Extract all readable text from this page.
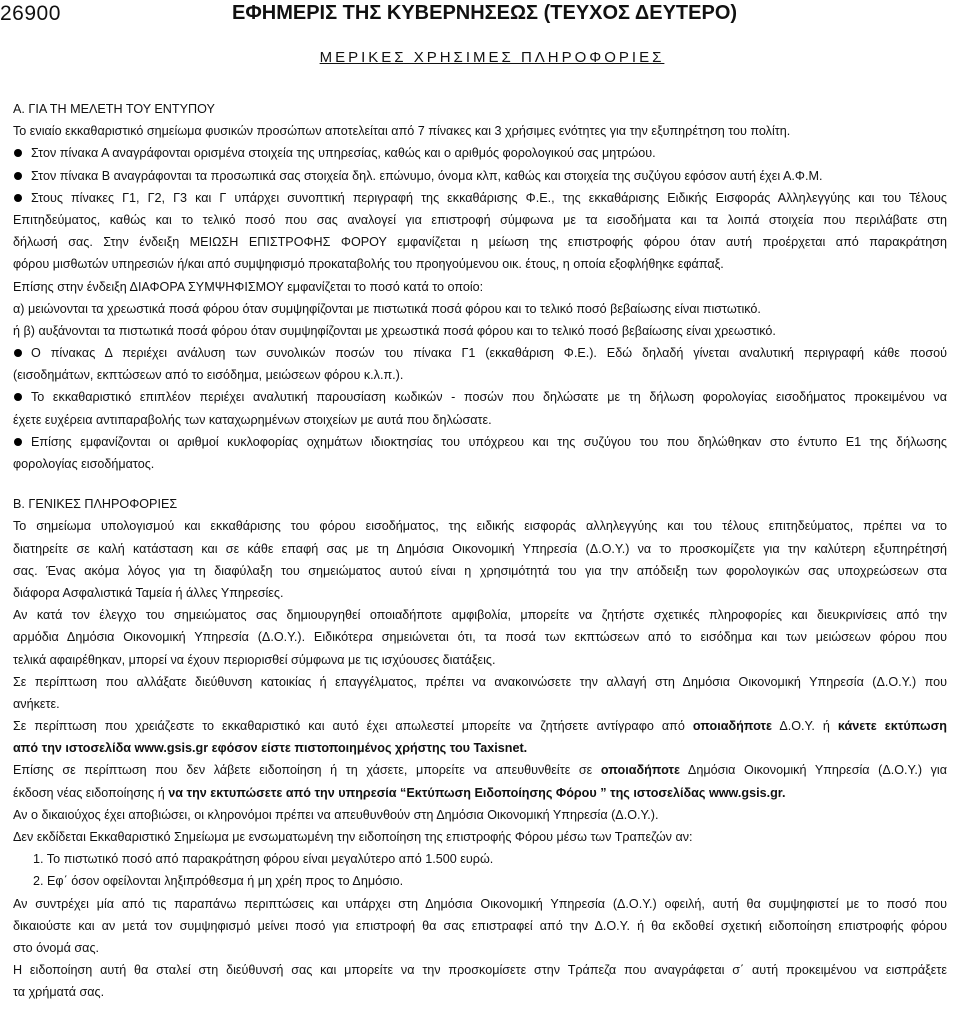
26900	ΕΦΗΜΕΡΙΣ ΤΗΣ ΚΥΒΕΡΝΗΣΕΩΣ (ΤΕΥΧΟΣ ΔΕΥΤΕΡΟ)
ΜΕΡΙΚΕΣ ΧΡΗΣΙΜΕΣ ΠΛΗΡΟΦΟΡΙΕΣ
Α. ΓΙΑ ΤΗ ΜΕΛΕΤΗ ΤΟΥ ΕΝΤΥΠΟΥ
Το ενιαίο εκκαθαριστικό σημείωμα φυσικών προσώπων αποτελείται από 7 πίνακες και 3 χρήσιμες ενότητες για την εξυπηρέτηση του πολίτη.
Στον πίνακα Α αναγράφονται ορισμένα στοιχεία της υπηρεσίας, καθώς και ο αριθμός φορολογικού σας μητρώου.
Στον πίνακα Β αναγράφονται τα προσωπικά σας στοιχεία δηλ. επώνυμο, όνομα κλπ, καθώς και στοιχεία της συζύγου εφόσον αυτή έχει Α.Φ.Μ.
Στους πίνακες Γ1, Γ2, Γ3 και Γ υπάρχει συνοπτική περιγραφή της εκκαθάρισης Φ.Ε., της εκκαθάρισης Ειδικής Εισφοράς Αλληλεγγύης και του Τέλους
Επιτηδεύματος, καθώς και το τελικό ποσό που σας αναλογεί για επιστροφή σύμφωνα με τα εισοδήματα και τα λοιπά στοιχεία που περιλάβατε στη
δήλωσή σας. Στην ένδειξη ΜΕΙΩΣΗ ΕΠΙΣΤΡΟΦΗΣ ΦΟΡΟΥ εμφανίζεται η μείωση της επιστροφής φόρου όταν αυτή προέρχεται από παρακράτηση
φόρου μισθωτών υπηρεσιών ή/και από συμψηφισμό προκαταβολής του προηγούμενου οικ. έτους, η οποία εξοφλήθηκε εφάπαξ.
Επίσης στην ένδειξη ΔΙΑΦΟΡΑ ΣΥΜΨΗΦΙΣΜΟΥ εμφανίζεται το ποσό κατά το οποίο:
α) μειώνονται τα χρεωστικά ποσά φόρου όταν συμψηφίζονται με πιστωτικά ποσά φόρου και το τελικό ποσό βεβαίωσης είναι πιστωτικό.
ή β) αυξάνονται τα πιστωτικά ποσά φόρου όταν συμψηφίζονται με χρεωστικά ποσά φόρου και το τελικό ποσό βεβαίωσης είναι χρεωστικό.
Ο πίνακας Δ περιέχει ανάλυση των συνολικών ποσών του πίνακα Γ1 (εκκαθάριση Φ.Ε.). Εδώ δηλαδή γίνεται αναλυτική περιγραφή κάθε ποσού
(εισοδημάτων, εκπτώσεων από το εισόδημα, μειώσεων φόρου κ.λ.π.).
Το εκκαθαριστικό επιπλέον περιέχει αναλυτική παρουσίαση κωδικών - ποσών που δηλώσατε με τη δήλωση φορολογίας εισοδήματος προκειμένου να
έχετε ευχέρεια αντιπαραβολής των καταχωρημένων στοιχείων με αυτά που δηλώσατε.
Επίσης εμφανίζονται οι αριθμοί κυκλοφορίας οχημάτων ιδιοκτησίας του υπόχρεου και της συζύγου του που δηλώθηκαν στο έντυπο Ε1 της δήλωσης
φορολογίας εισοδήματος.
Β. ΓΕΝΙΚΕΣ ΠΛΗΡΟΦΟΡΙΕΣ
Το σημείωμα υπολογισμού και εκκαθάρισης του φόρου εισοδήματος, της ειδικής εισφοράς αλληλεγγύης και του τέλους επιτηδεύματος, πρέπει να το
διατηρείτε σε καλή κατάσταση και σε κάθε επαφή σας με τη Δημόσια Οικονομική Υπηρεσία (Δ.Ο.Υ.) να το προσκομίζετε για την καλύτερη εξυπηρέτησή
σας. Ένας ακόμα λόγος για τη διαφύλαξη του σημειώματος αυτού είναι η χρησιμότητά του για την απόδειξη των φορολογικών σας υποχρεώσεων στα
διάφορα Ασφαλιστικά Ταμεία ή άλλες Υπηρεσίες.
Αν κατά τον έλεγχο του σημειώματος σας δημιουργηθεί οποιαδήποτε αμφιβολία, μπορείτε να ζητήστε σχετικές πληροφορίες και διευκρινίσεις από την
αρμόδια Δημόσια Οικονομική Υπηρεσία (Δ.Ο.Υ.). Ειδικότερα σημειώνεται ότι, τα ποσά των εκπτώσεων από το εισόδημα και των μειώσεων φόρου που
τελικά αφαιρέθηκαν, μπορεί να έχουν περιορισθεί σύμφωνα με τις ισχύουσες διατάξεις.
Σε περίπτωση που αλλάξατε διεύθυνση κατοικίας ή επαγγέλματος, πρέπει να ανακοινώσετε την αλλαγή στη Δημόσια Οικονομική Υπηρεσία (Δ.Ο.Υ.) που
ανήκετε.
Σε περίπτωση που χρειάζεστε το εκκαθαριστικό και αυτό έχει απωλεστεί μπορείτε να ζητήσετε αντίγραφο από οποιαδήποτε Δ.Ο.Υ. ή κάνετε εκτύπωση
από την ιστοσελίδα www.gsis.gr εφόσον είστε πιστοποιημένος χρήστης του Taxisnet.
Επίσης σε περίπτωση που δεν λάβετε ειδοποίηση ή τη χάσετε, μπορείτε να απευθυνθείτε σε οποιαδήποτε Δημόσια Οικονομική Υπηρεσία (Δ.Ο.Υ.) για
έκδοση νέας ειδοποίησης ή να την εκτυπώσετε από την υπηρεσία “Εκτύπωση Ειδοποίησης Φόρου ” της ιστοσελίδας www.gsis.gr.
Αν ο δικαιούχος έχει αποβιώσει, οι κληρονόμοι πρέπει να απευθυνθούν στη Δημόσια Οικονομική Υπηρεσία (Δ.Ο.Υ.).
Δεν εκδίδεται Εκκαθαριστικό Σημείωμα με ενσωματωμένη την ειδοποίηση της επιστροφής Φόρου μέσω των Τραπεζών αν:
1. Το πιστωτικό ποσό από παρακράτηση φόρου είναι μεγαλύτερο από 1.500 ευρώ.
2. Εφ΄ όσον οφείλονται ληξιπρόθεσμα ή μη χρέη προς το Δημόσιο.
Αν συντρέχει μία από τις παραπάνω περιπτώσεις και υπάρχει στη Δημόσια Οικονομική Υπηρεσία (Δ.Ο.Υ.) οφειλή, αυτή θα συμψηφιστεί με το ποσό που
δικαιούστε και αν μετά τον συμψηφισμό μείνει ποσό για επιστροφή θα σας επιστραφεί από την Δ.Ο.Υ. ή θα εκδοθεί σχετική ειδοποίηση επιστροφής φόρου
στο όνομά σας.
Η ειδοποίηση αυτή θα σταλεί στη διεύθυνσή σας και μπορείτε να την προσκομίσετε στην Τράπεζα που αναγράφεται σ΄ αυτή προκειμένου να εισπράξετε
τα χρήματά σας.
